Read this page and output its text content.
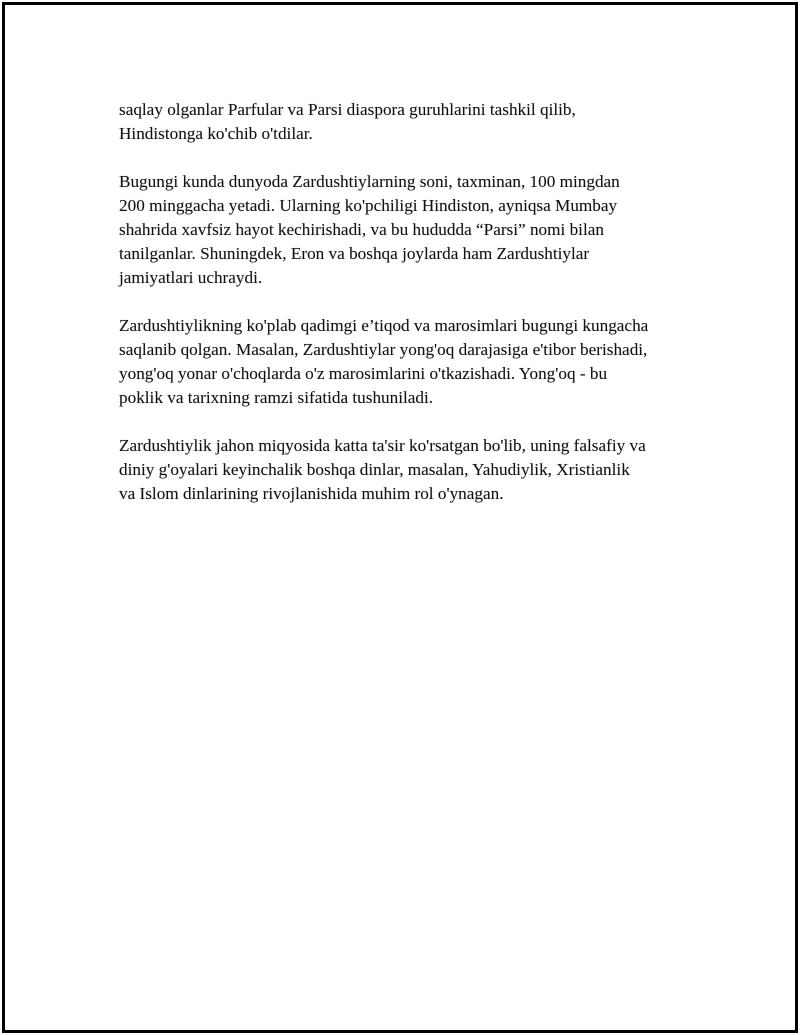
saqlay olganlar Parfular va Parsi diaspora guruhlarini tashkil qilib,
Hindistonga ko'chib o'tdilar.

Bugungi kunda dunyoda Zardushtiylarning soni, taxminan, 100 mingdan
200 minggacha yetadi. Ularning ko'pchiligi Hindiston, ayniqsa Mumbay
shahrida xavfsiz hayot kechirishadi, va bu hududda “Parsi” nomi bilan
tanilganlar. Shuningdek, Eron va boshqa joylarda ham Zardushtiylar
jamiyatlari uchraydi.

Zardushtiylikning ko'plab qadimgi e’tiqod va marosimlari bugungi kungacha
saqlanib qolgan. Masalan, Zardushtiylar yong'oq darajasiga e'tibor berishadi,
yong'oq yonar o'choqlarda o'z marosimlarini o'tkazishadi. Yong'oq - bu
poklik va tarixning ramzi sifatida tushuniladi.

Zardushtiylik jahon miqyosida katta ta'sir ko'rsatgan bo'lib, uning falsafiy va
diniy g'oyalari keyinchalik boshqa dinlar, masalan, Yahudiylik, Xristianlik
va Islom dinlarining rivojlanishida muhim rol o'ynagan.
